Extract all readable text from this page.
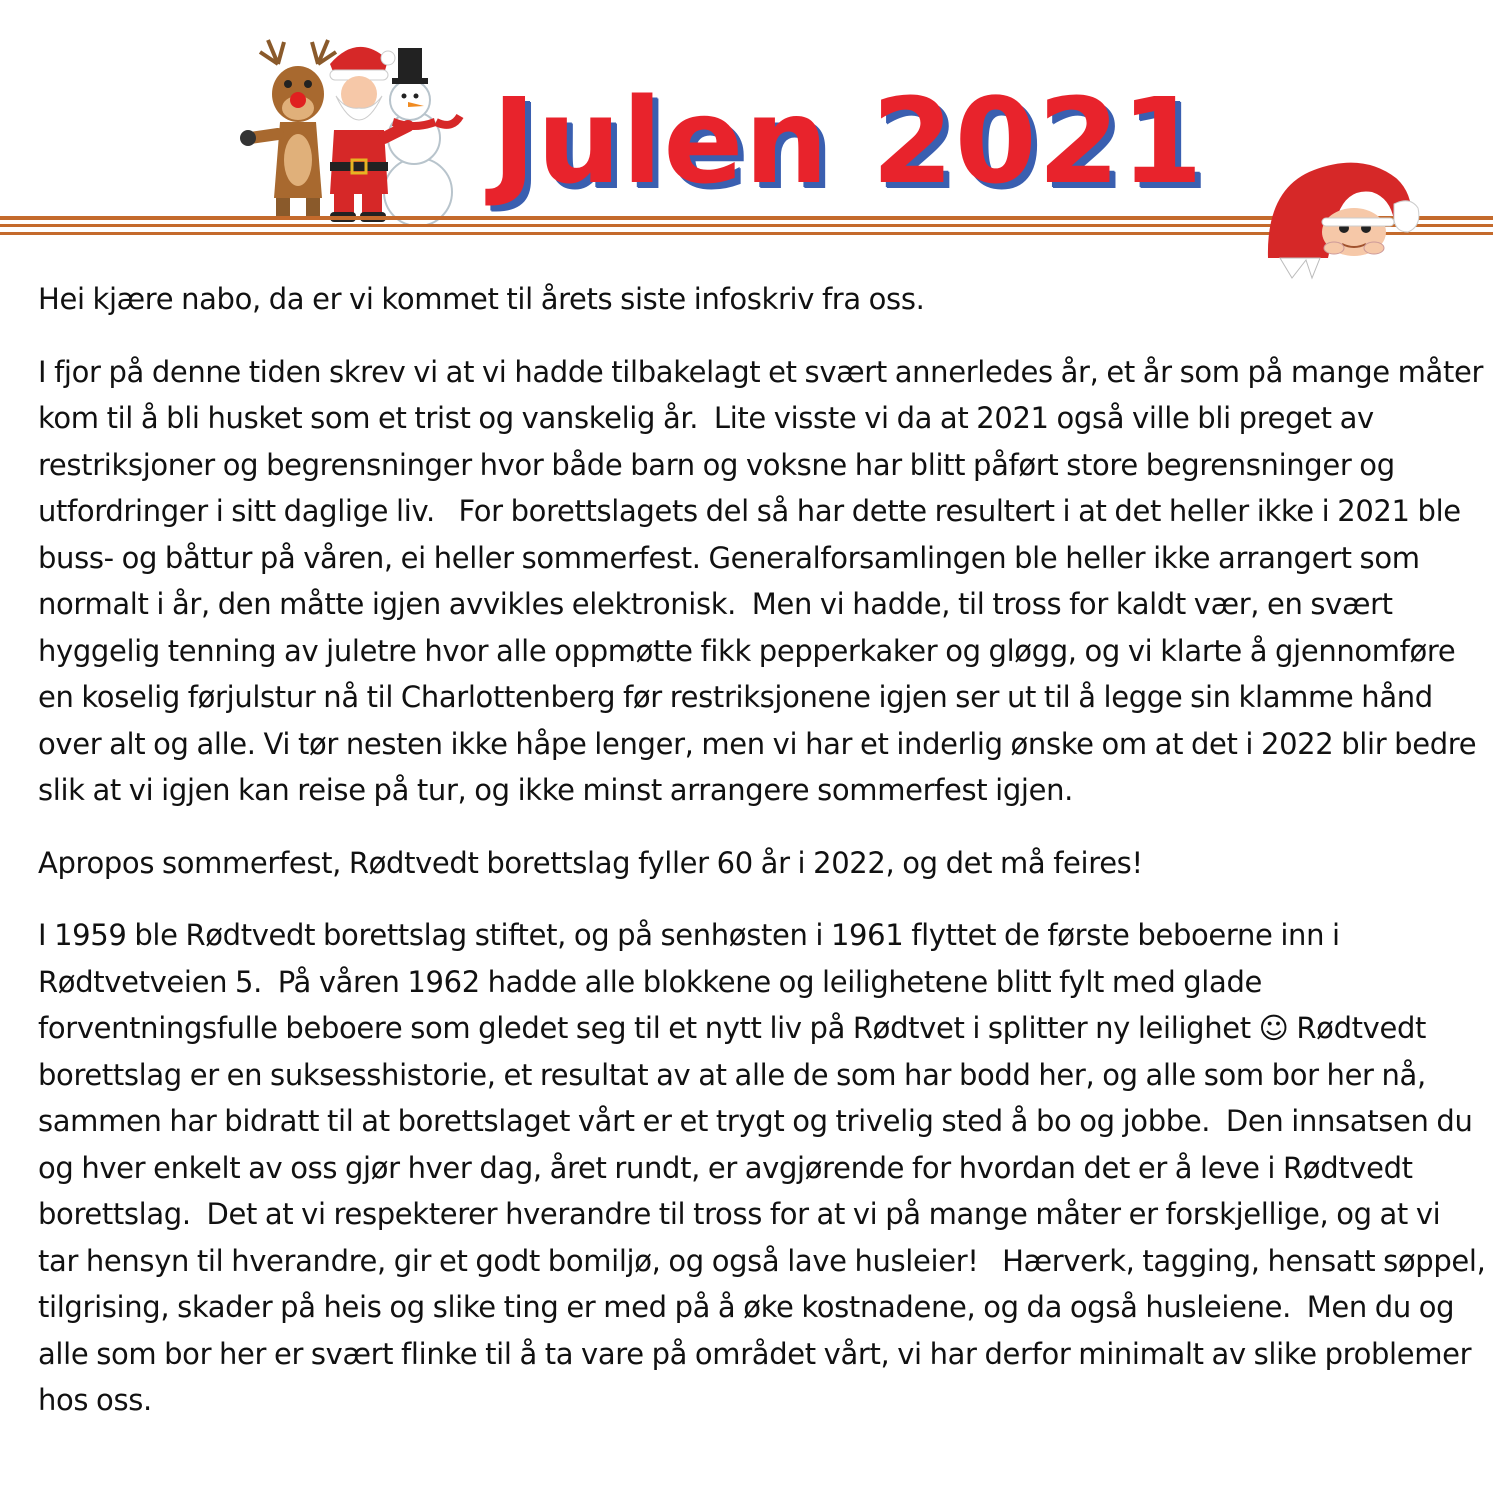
Julen 2021

Hei kjære nabo, da er vi kommet til årets siste infoskriv fra oss.

I fjor på denne tiden skrev vi at vi hadde tilbakelagt et svært annerledes år, et år som på mange måter kom til å bli husket som et trist og vanskelig år.  Lite visste vi da at 2021 også ville bli preget av restriksjoner og begrensninger hvor både barn og voksne har blitt påført store begrensninger og utfordringer i sitt daglige liv.   For borettslagets del så har dette resultert i at det heller ikke i 2021 ble buss- og båttur på våren, ei heller sommerfest. Generalforsamlingen ble heller ikke arrangert som normalt i år, den måtte igjen avvikles elektronisk.  Men vi hadde, til tross for kaldt vær, en svært hyggelig tenning av juletre hvor alle oppmøtte fikk pepperkaker og gløgg, og vi klarte å gjennomføre en koselig førjulstur nå til Charlottenberg før restriksjonene igjen ser ut til å legge sin klamme hånd over alt og alle. Vi tør nesten ikke håpe lenger, men vi har et inderlig ønske om at det i 2022 blir bedre slik at vi igjen kan reise på tur, og ikke minst arrangere sommerfest igjen.

Apropos sommerfest, Rødtvedt borettslag fyller 60 år i 2022, og det må feires!

I 1959 ble Rødtvedt borettslag stiftet, og på senhøsten i 1961 flyttet de første beboerne inn i Rødtvetveien 5.  På våren 1962 hadde alle blokkene og leilighetene blitt fylt med glade forventningsfulle beboere som gledet seg til et nytt liv på Rødtvet i splitter ny leilighet ☺ Rødtvedt borettslag er en suksesshistorie, et resultat av at alle de som har bodd her, og alle som bor her nå, sammen har bidratt til at borettslaget vårt er et trygt og trivelig sted å bo og jobbe.  Den innsatsen du og hver enkelt av oss gjør hver dag, året rundt, er avgjørende for hvordan det er å leve i Rødtvedt borettslag.  Det at vi respekterer hverandre til tross for at vi på mange måter er forskjellige, og at vi tar hensyn til hverandre, gir et godt bomiljø, og også lave husleier!   Hærverk, tagging, hensatt søppel, tilgrising, skader på heis og slike ting er med på å øke kostnadene, og da også husleiene.  Men du og alle som bor her er svært flinke til å ta vare på området vårt, vi har derfor minimalt av slike problemer hos oss.
